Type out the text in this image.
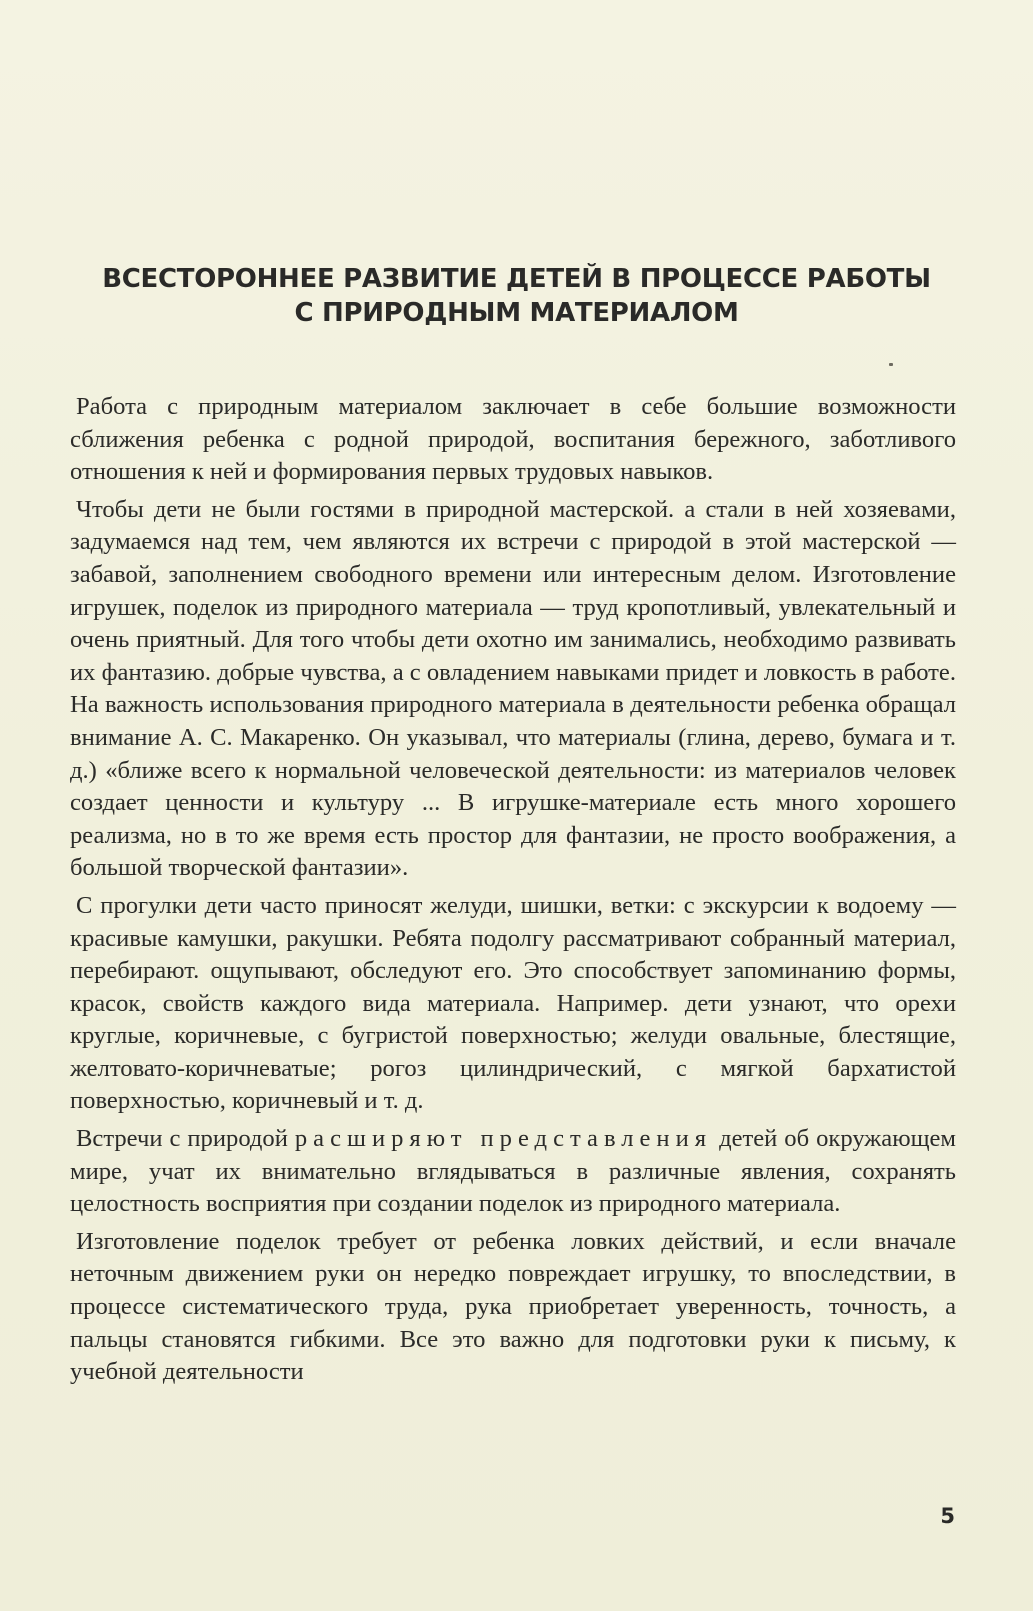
ВСЕСТОРОННЕЕ РАЗВИТИЕ ДЕТЕЙ В ПРОЦЕССЕ РАБОТЫ
С ПРИРОДНЫМ МАТЕРИАЛОМ

Работа с природным материалом заключает в себе большие возможности сближения ребенка с родной природой, воспитания бережного, заботливого отношения к ней и формирования первых трудовых навыков.

Чтобы дети не были гостями в природной мастерской. а стали в ней хозяевами, задумаемся над тем, чем являются их встречи с природой в этой мастерской — забавой, заполнением свободного времени или интересным делом. Изготовление игрушек, поделок из природного материала — труд кропотливый, увлекательный и очень приятный. Для того чтобы дети охотно им занимались, необходимо развивать их фантазию. добрые чувства, а с овладением навыками придет и ловкость в работе. На важность использования природного материала в деятельности ребенка обращал внимание А. С. Макаренко. Он указывал, что материалы (глина, дерево, бумага и т. д.) «ближе всего к нормальной человеческой деятельности: из материалов человек создает ценности и культуру ... В игрушке-материале есть много хорошего реализма, но в то же время есть простор для фантазии, не просто воображения, а большой творческой фантазии».

С прогулки дети часто приносят желуди, шишки, ветки: с экскурсии к водоему — красивые камушки, ракушки. Ребята подолгу рассматривают собранный материал, перебирают. ощупывают, обследуют его. Это способствует запоминанию формы, красок, свойств каждого вида материала. Например. дети узнают, что орехи круглые, коричневые, с бугристой поверхностью; желуди овальные, блестящие, желтовато-коричневатые; рогоз цилиндрический, с мягкой бархатистой поверхностью, коричневый и т. д.

Встречи с природой расширяют представления детей об окружающем мире, учат их внимательно вглядываться в различные явления, сохранять целостность восприятия при создании поделок из природного материала.

Изготовление поделок требует от ребенка ловких действий, и если вначале неточным движением руки он нередко повреждает игрушку, то впоследствии, в процессе систематического труда, рука приобретает уверенность, точность, а пальцы становятся гибкими. Все это важно для подготовки руки к письму, к учебной деятельности

5
